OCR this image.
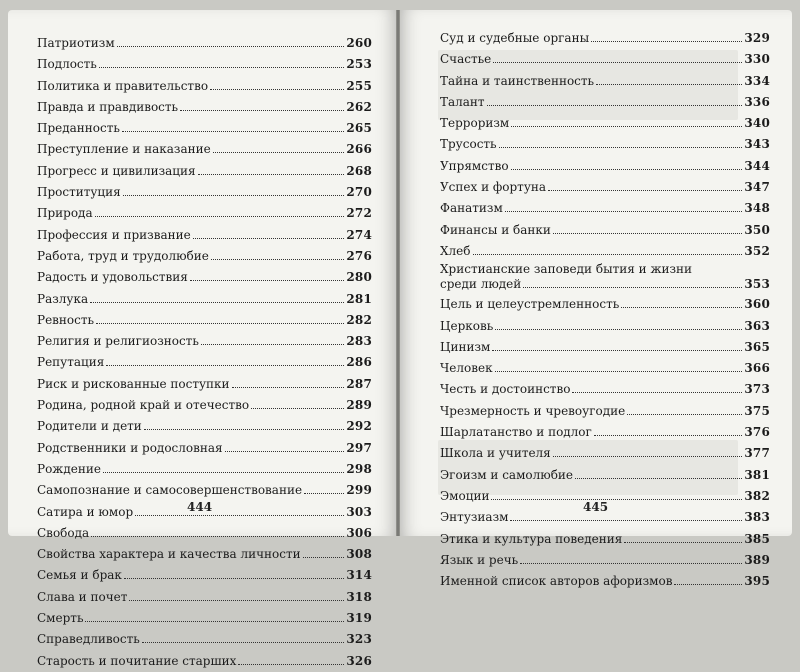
Патриотизм	260
Подлость	253
Политика и правительство	255
Правда и правдивость	262
Преданность	265
Преступление и наказание	266
Прогресс и цивилизация	268
Проституция	270
Природа	272
Профессия и призвание	274
Работа, труд и трудолюбие	276
Радость и удовольствия	280
Разлука	281
Ревность	282
Религия и религиозность	283
Репутация	286
Риск и рискованные поступки	287
Родина, родной край и отечество	289
Родители и дети	292
Родственники и родословная	297
Рождение	298
Самопознание и самосовершенствование	299
Сатира и юмор	303
Свобода	306
Свойства характера и качества личности	308
Семья и брак	314
Слава и почет	318
Смерть	319
Справедливость	323
Старость и почитание старших	326
Суд и судебные органы	329
Счастье	330
Тайна и таинственность	334
Талант	336
Терроризм	340
Трусость	343
Упрямство	344
Успех и фортуна	347
Фанатизм	348
Финансы и банки	350
Хлеб	352
Христианские заповеди бытия и жизни
среди людей	353
Цель и целеустремленность	360
Церковь	363
Цинизм	365
Человек	366
Честь и достоинство	373
Чрезмерность и чревоугодие	375
Шарлатанство и подлог	376
Школа и учителя	377
Эгоизм и самолюбие	381
Эмоции	382
Энтузиазм	383
Этика и культура поведения	385
Язык и речь	389
Именной список авторов афоризмов	395
444	445
